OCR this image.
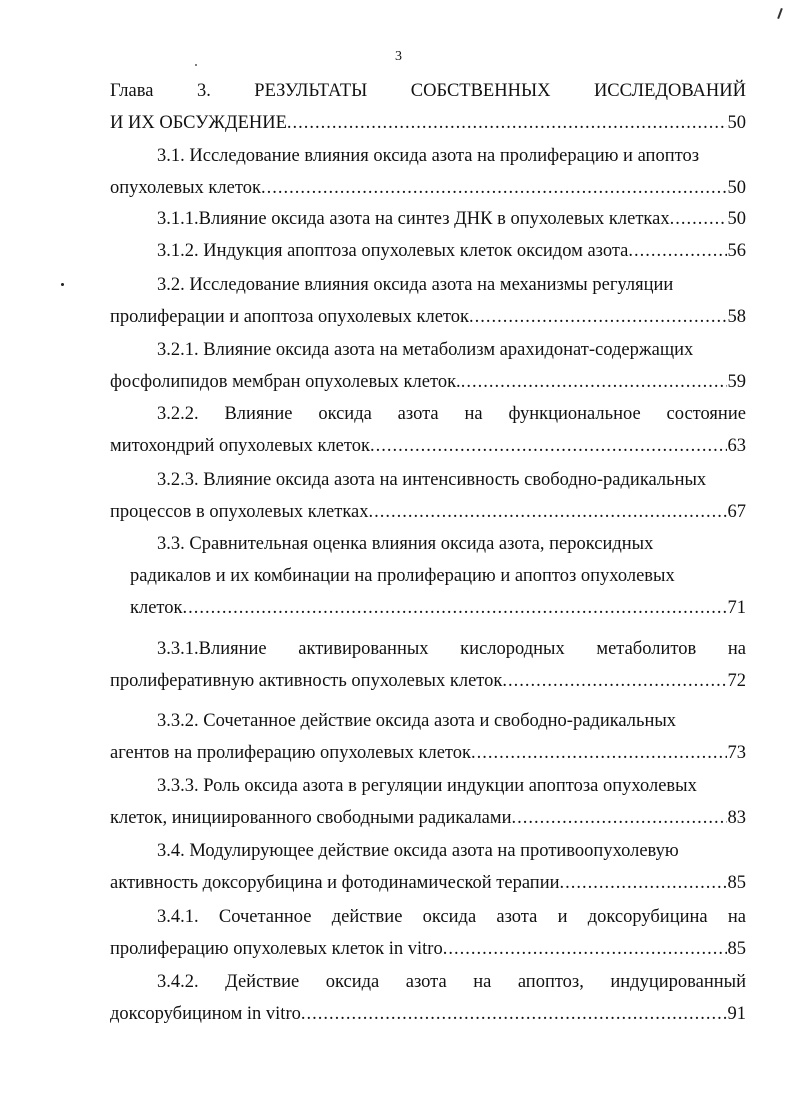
3
Глава 3. РЕЗУЛЬТАТЫ СОБСТВЕННЫХ ИССЛЕДОВАНИЙ
И ИХ ОБСУЖДЕНИЕ .....	50
3.1. Исследование влияния оксида азота на пролиферацию и апоптоз
опухолевых клеток .....	50
3.1.1.Влияние оксида азота на синтез ДНК в опухолевых клетках .....	50
3.1.2. Индукция апоптоза опухолевых клеток оксидом азота .....	56
3.2. Исследование влияния оксида азота на механизмы регуляции
пролиферации и апоптоза опухолевых клеток .....	58
3.2.1. Влияние оксида азота на метаболизм арахидонат-содержащих
фосфолипидов мембран опухолевых клеток. .....	59
3.2.2. Влияние оксида азота на функциональное состояние
митохондрий опухолевых клеток .....	63
3.2.3. Влияние оксида азота на интенсивность свободно-радикальных
процессов в опухолевых клетках .....	67
3.3. Сравнительная оценка влияния оксида азота, пероксидных
радикалов и их комбинации на пролиферацию и апоптоз опухолевых
клеток .....	71
3.3.1.Влияние активированных кислородных метаболитов на
пролиферативную активность опухолевых клеток .....	72
3.3.2. Сочетанное действие оксида азота и свободно-радикальных
агентов на пролиферацию опухолевых клеток .....	73
3.3.3. Роль оксида азота в регуляции индукции апоптоза опухолевых
клеток, инициированного свободными радикалами .....	83
3.4. Модулирующее действие оксида азота на противоопухолевую
активность доксорубицина и фотодинамической терапии .....	85
3.4.1. Сочетанное действие оксида азота и доксорубицина на
пролиферацию опухолевых клеток in vitro .....	85
3.4.2. Действие оксида азота на апоптоз, индуцированный
доксорубицином in vitro .....	91
